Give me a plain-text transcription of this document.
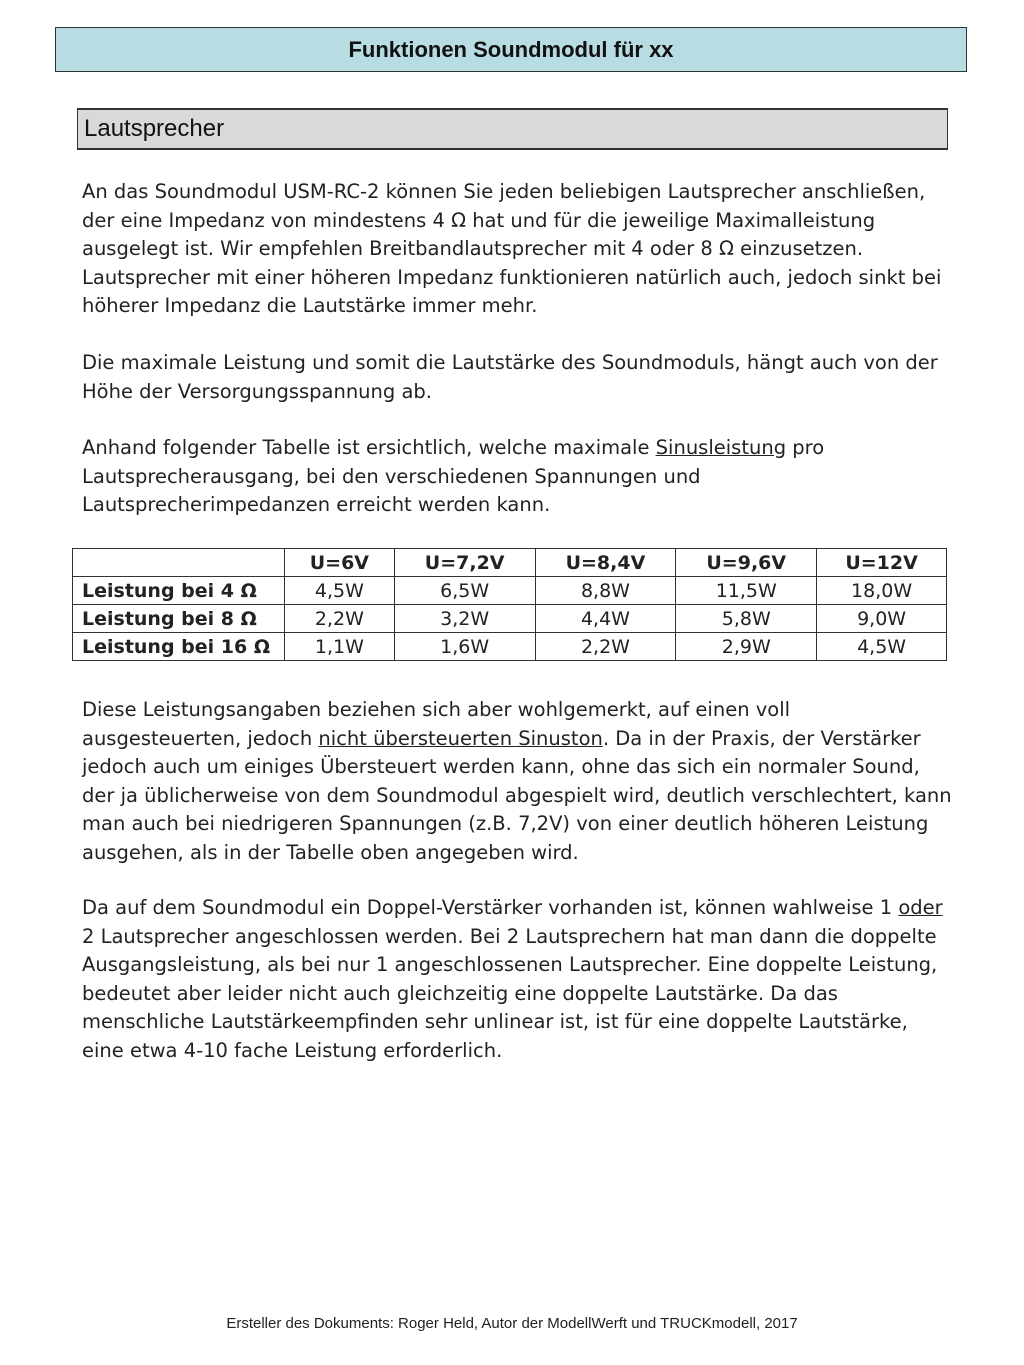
Funktionen Soundmodul für xx
Lautsprecher

An das Soundmodul USM-RC-2 können Sie jeden beliebigen Lautsprecher anschließen, der eine Impedanz von mindestens 4 Ω hat und für die jeweilige Maximalleistung ausgelegt ist. Wir empfehlen Breitbandlautsprecher mit 4 oder 8 Ω einzusetzen. Lautsprecher mit einer höheren Impedanz funktionieren natürlich auch, jedoch sinkt bei höherer Impedanz die Lautstärke immer mehr.

Die maximale Leistung und somit die Lautstärke des Soundmoduls, hängt auch von der Höhe der Versorgungsspannung ab.

Anhand folgender Tabelle ist ersichtlich, welche maximale Sinusleistung pro Lautsprecherausgang, bei den verschiedenen Spannungen und Lautsprecherimpedanzen erreicht werden kann.

	U=6V	U=7,2V	U=8,4V	U=9,6V	U=12V
Leistung bei 4 Ω	4,5W	6,5W	8,8W	11,5W	18,0W
Leistung bei 8 Ω	2,2W	3,2W	4,4W	5,8W	9,0W
Leistung bei 16 Ω	1,1W	1,6W	2,2W	2,9W	4,5W

Diese Leistungsangaben beziehen sich aber wohlgemerkt, auf einen voll ausgesteuerten, jedoch nicht übersteuerten Sinuston. Da in der Praxis, der Verstärker jedoch auch um einiges Übersteuert werden kann, ohne das sich ein normaler Sound, der ja üblicherweise von dem Soundmodul abgespielt wird, deutlich verschlechtert, kann man auch bei niedrigeren Spannungen (z.B. 7,2V) von einer deutlich höheren Leistung ausgehen, als in der Tabelle oben angegeben wird.

Da auf dem Soundmodul ein Doppel-Verstärker vorhanden ist, können wahlweise 1 oder 2 Lautsprecher angeschlossen werden. Bei 2 Lautsprechern hat man dann die doppelte Ausgangsleistung, als bei nur 1 angeschlossenen Lautsprecher. Eine doppelte Leistung, bedeutet aber leider nicht auch gleichzeitig eine doppelte Lautstärke. Da das menschliche Lautstärkeempfinden sehr unlinear ist, ist für eine doppelte Lautstärke, eine etwa 4-10 fache Leistung erforderlich.

Ersteller des Dokuments: Roger Held, Autor der ModellWerft und TRUCKmodell, 2017
